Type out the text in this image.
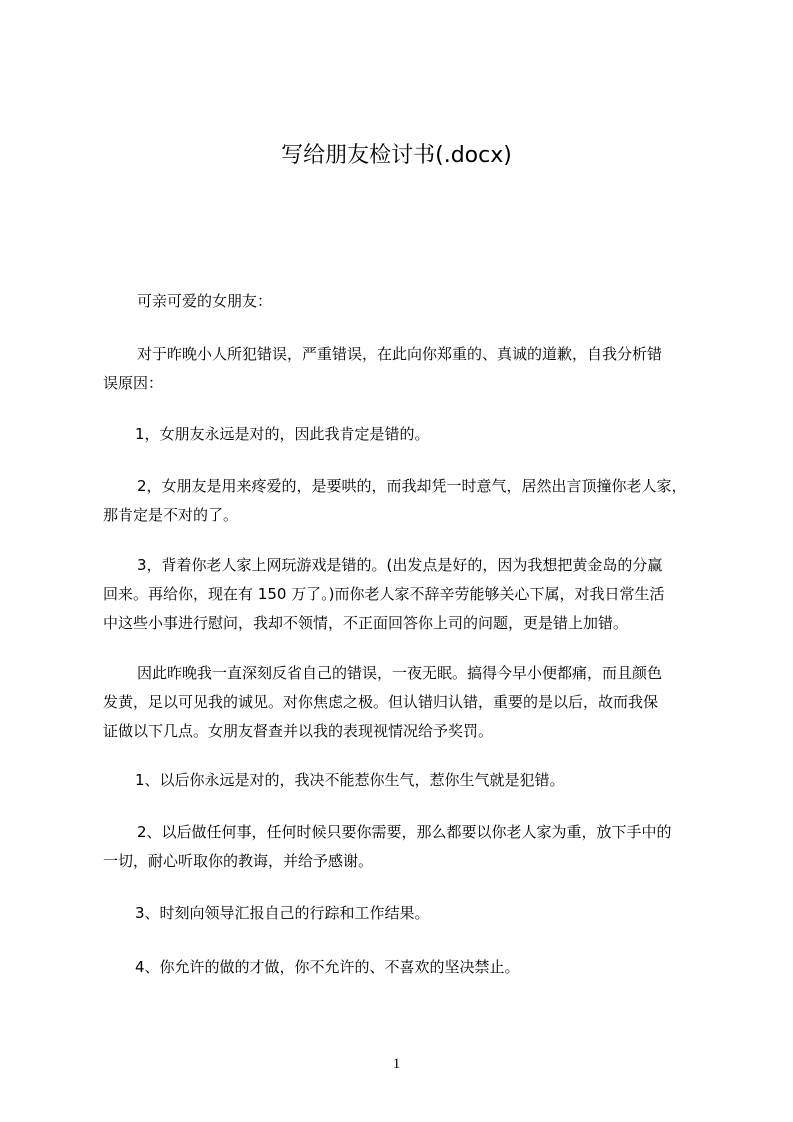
写给朋友检讨书(.docx)
可亲可爱的女朋友：
对于昨晚小人所犯错误，严重错误，在此向你郑重的、真诚的道歉，自我分析错
误原因：
1，女朋友永远是对的，因此我肯定是错的。
2，女朋友是用来疼爱的，是要哄的，而我却凭一时意气，居然出言顶撞你老人家，
那肯定是不对的了。
3，背着你老人家上网玩游戏是错的。(出发点是好的，因为我想把黄金岛的分赢
回来。再给你，现在有 150 万了。)而你老人家不辞辛劳能够关心下属，对我日常生活
中这些小事进行慰问，我却不领情，不正面回答你上司的问题，更是错上加错。
因此昨晚我一直深刻反省自己的错误，一夜无眠。搞得今早小便都痛，而且颜色
发黄，足以可见我的诚见。对你焦虑之极。但认错归认错，重要的是以后，故而我保
证做以下几点。女朋友督查并以我的表现视情况给予奖罚。
1、以后你永远是对的，我决不能惹你生气，惹你生气就是犯错。
2、以后做任何事，任何时候只要你需要，那么都要以你老人家为重，放下手中的
一切，耐心听取你的教诲，并给予感谢。
3、时刻向领导汇报自己的行踪和工作结果。
4、你允许的做的才做，你不允许的、不喜欢的坚决禁止。
1
